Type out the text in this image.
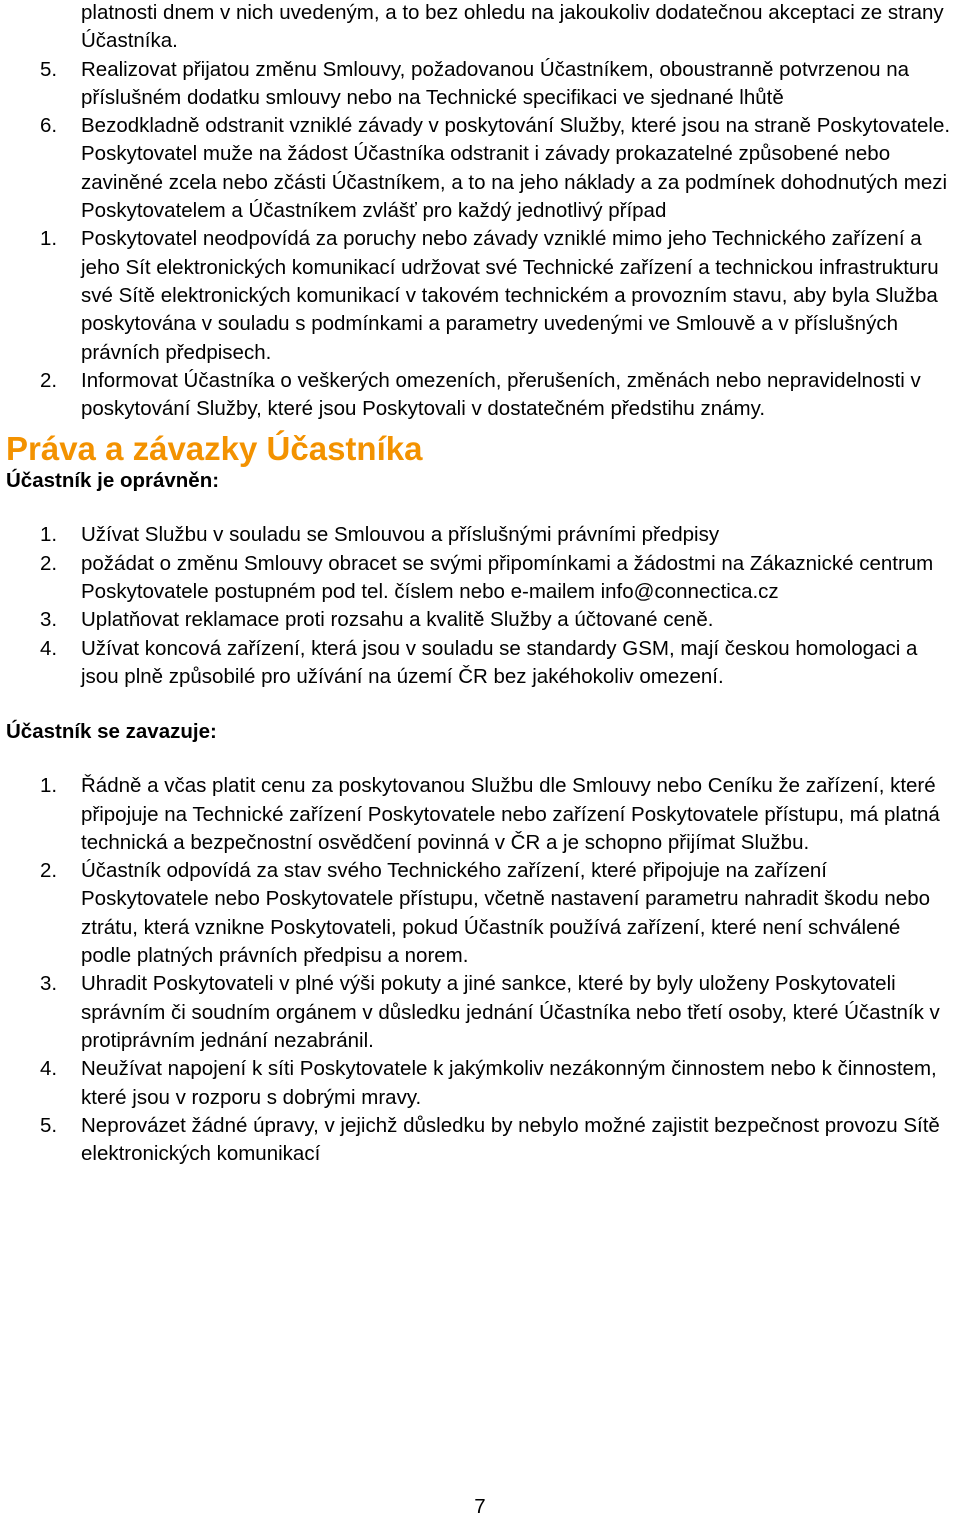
platnosti dnem v nich uvedeným, a to bez ohledu na jakoukoliv dodatečnou akceptaci ze strany Účastníka.
5. Realizovat přijatou změnu Smlouvy, požadovanou Účastníkem, oboustranně potvrzenou na příslušném dodatku smlouvy nebo na Technické specifikaci ve sjednané lhůtě
6. Bezodkladně odstranit vzniklé závady v poskytování Služby, které jsou na straně Poskytovatele. Poskytovatel muže na žádost Účastníka odstranit i závady prokazatelné způsobené nebo zaviněné zcela nebo zčásti Účastníkem, a to na jeho náklady a za podmínek dohodnutých mezi Poskytovatelem a Účastníkem zvlášť pro každý jednotlivý případ
1. Poskytovatel neodpovídá za poruchy nebo závady vzniklé mimo jeho Technického zařízení a jeho Sít elektronických komunikací udržovat své Technické zařízení a technickou infrastrukturu své Sítě elektronických komunikací v takovém technickém a provozním stavu, aby byla Služba poskytována v souladu s podmínkami a parametry uvedenými ve Smlouvě a v příslušných právních předpisech.
2. Informovat Účastníka o veškerých omezeních, přerušeních, změnách nebo nepravidelnosti v poskytování Služby, které jsou Poskytovali v dostatečném předstihu známy.
Práva a závazky Účastníka
Účastník je oprávněn:
1. Užívat Službu v souladu se Smlouvou a příslušnými právními předpisy
2. požádat o změnu Smlouvy obracet se svými připomínkami a žádostmi na Zákaznické centrum Poskytovatele postupném pod tel. číslem nebo e-mailem info@connectica.cz
3. Uplatňovat reklamace proti rozsahu a kvalitě Služby a účtované ceně.
4. Užívat koncová zařízení, která jsou v souladu se standardy GSM, mají českou homologaci a jsou plně způsobilé pro užívání na území ČR bez jakéhokoliv omezení.
Účastník se zavazuje:
1. Řádně a včas platit cenu za poskytovanou Službu dle Smlouvy nebo Ceníku že zařízení, které připojuje na Technické zařízení Poskytovatele nebo zařízení Poskytovatele přístupu, má platná technická a bezpečnostní osvědčení povinná v ČR a je schopno přijímat Službu.
2. Účastník odpovídá za stav svého Technického zařízení, které připojuje na zařízení Poskytovatele nebo Poskytovatele přístupu, včetně nastavení parametru nahradit škodu nebo ztrátu, která vznikne Poskytovateli, pokud Účastník používá zařízení, které není schválené podle platných právních předpisu a norem.
3. Uhradit Poskytovateli v plné výši pokuty a jiné sankce, které by byly uloženy Poskytovateli správním či soudním orgánem v důsledku jednání Účastníka nebo třetí osoby, které Účastník v protiprávním jednání nezabránil.
4. Neužívat napojení k síti Poskytovatele k jakýmkoliv nezákonným činnostem nebo k činnostem, které jsou v rozporu s dobrými mravy.
5. Neprovázet žádné úpravy, v jejichž důsledku by nebylo možné zajistit bezpečnost provozu Sítě elektronických komunikací
7
